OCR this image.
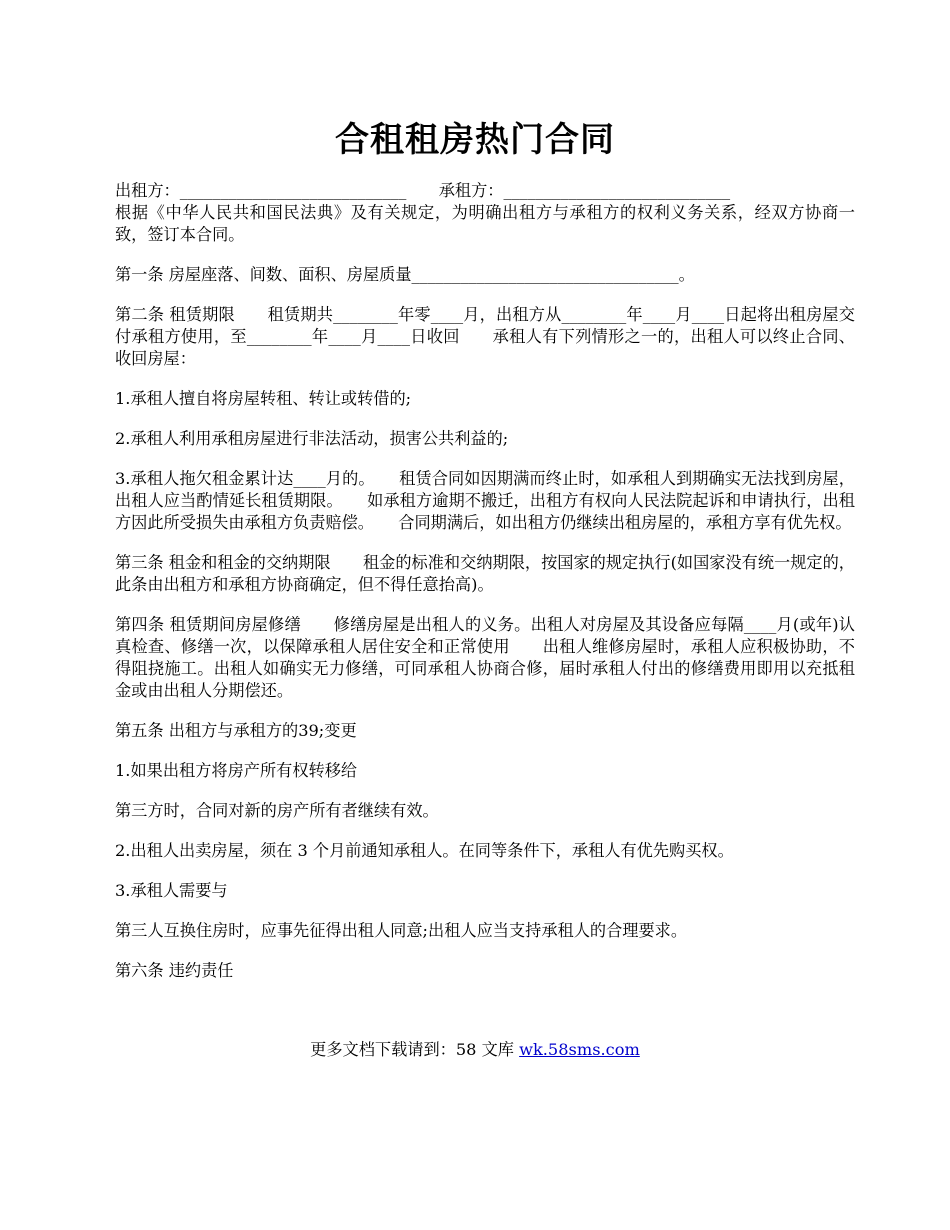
合租租房热门合同

出租方：____________________________　　承租方：____________________________

根据《中华人民共和国民法典》及有关规定，为明确出租方与承租方的权利义务关系，经双方协商一致，签订本合同。

第一条 房屋座落、间数、面积、房屋质量_________________________________。

第二条 租赁期限　　租赁期共________年零____月，出租方从________年____月____日起将出租房屋交付承租方使用，至________年____月____日收回　　承租人有下列情形之一的，出租人可以终止合同、收回房屋：

1.承租人擅自将房屋转租、转让或转借的;

2.承租人利用承租房屋进行非法活动，损害公共利益的;

3.承租人拖欠租金累计达____月的。　　租赁合同如因期满而终止时，如承租人到期确实无法找到房屋，出租人应当酌情延长租赁期限。　　如承租方逾期不搬迁，出租方有权向人民法院起诉和申请执行，出租方因此所受损失由承租方负责赔偿。　　合同期满后，如出租方仍继续出租房屋的，承租方享有优先权。

第三条 租金和租金的交纳期限　　租金的标准和交纳期限，按国家的规定执行(如国家没有统一规定的，此条由出租方和承租方协商确定，但不得任意抬高)。

第四条 租赁期间房屋修缮　　修缮房屋是出租人的义务。出租人对房屋及其设备应每隔____月(或年)认真检查、修缮一次，以保障承租人居住安全和正常使用　　出租人维修房屋时，承租人应积极协助，不得阻挠施工。出租人如确实无力修缮，可同承租人协商合修，届时承租人付出的修缮费用即用以充抵租金或由出租人分期偿还。

第五条 出租方与承租方的39;变更

1.如果出租方将房产所有权转移给

第三方时，合同对新的房产所有者继续有效。

2.出租人出卖房屋，须在 3 个月前通知承租人。在同等条件下，承租人有优先购买权。

3.承租人需要与

第三人互换住房时，应事先征得出租人同意;出租人应当支持承租人的合理要求。

第六条 违约责任

更多文档下载请到：58 文库 wk.58sms.com
